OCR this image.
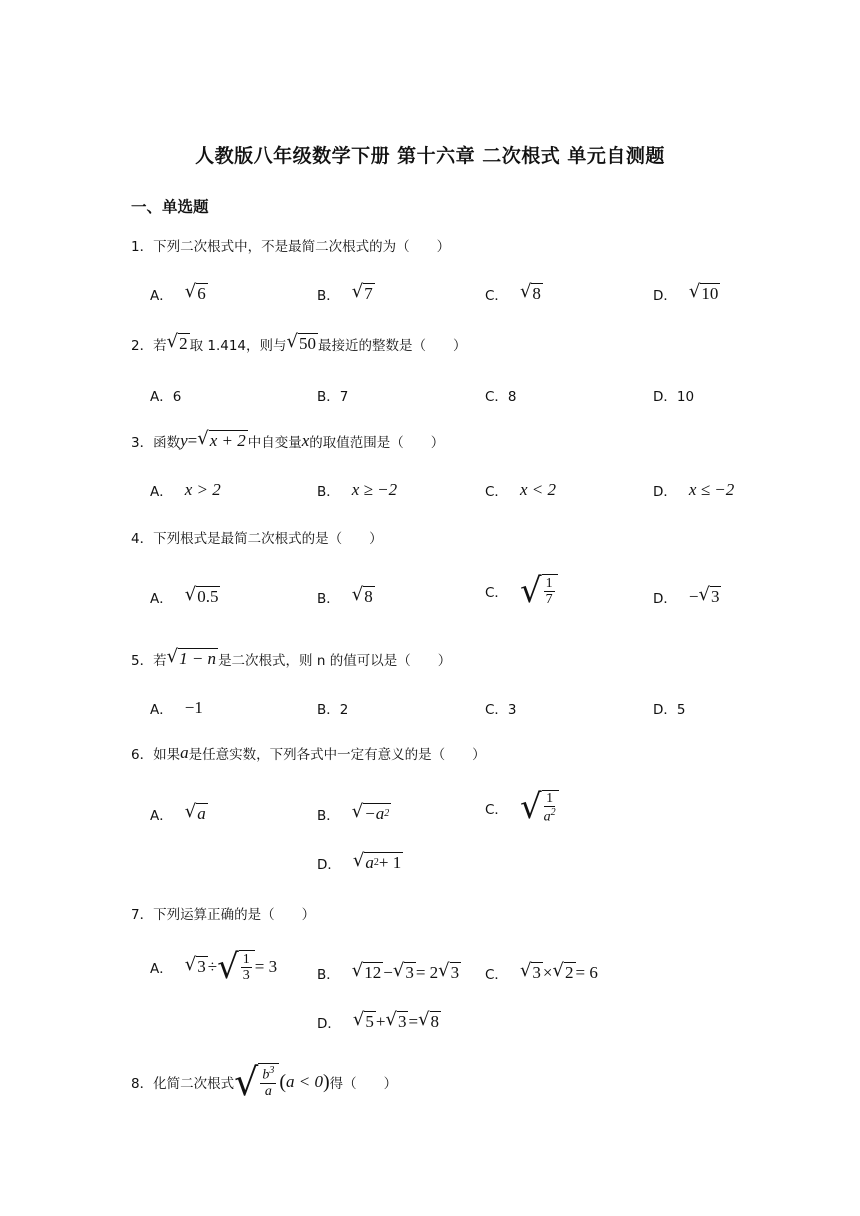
人教版八年级数学下册 第十六章 二次根式 单元自测题
一、单选题
1． 下列二次根式中，不是最简二次根式的为（　　）
A． √ 6	B． √ 7	C． √ 8	D． √ 10
2． 若 √ 2 取 1.414，则与 √ 50 最接近的整数是（　　）
A．6	B．7	C．8	D．10
3． 函数 y = √ x + 2 中自变量 x 的取值范围是（　　）
A． x > 2	B． x ≥ −2	C． x < 2	D． x ≤ −2
4． 下列根式是最简二次根式的是（　　）
A． √ 0.5	B． √ 8	C． √ $\frac{1}{7}$	D． − √ 3
5． 若 √ 1 − n 是二次根式，则 n 的值可以是（　　）
A． −1	B．2	C．3	D．5
6． 如果 a 是任意实数，下列各式中一定有意义的是（　　）
A． √ a	B． √ −a 2	C． √ $\frac{1}{a^2}$
D． √ a 2 + 1
7． 下列运算正确的是（　　）
A． √ 3 ÷ √ $\frac{1}{3} = 3$	B． √ 12 − √ 3 = 2 √ 3 C． √ 3 × √ 2 = 6
D． √ 5 + √ 3 = √ 8
8． 化简二次根式 √ $\frac{b^3}{a}$ ( a < 0 ) 得（　　）
